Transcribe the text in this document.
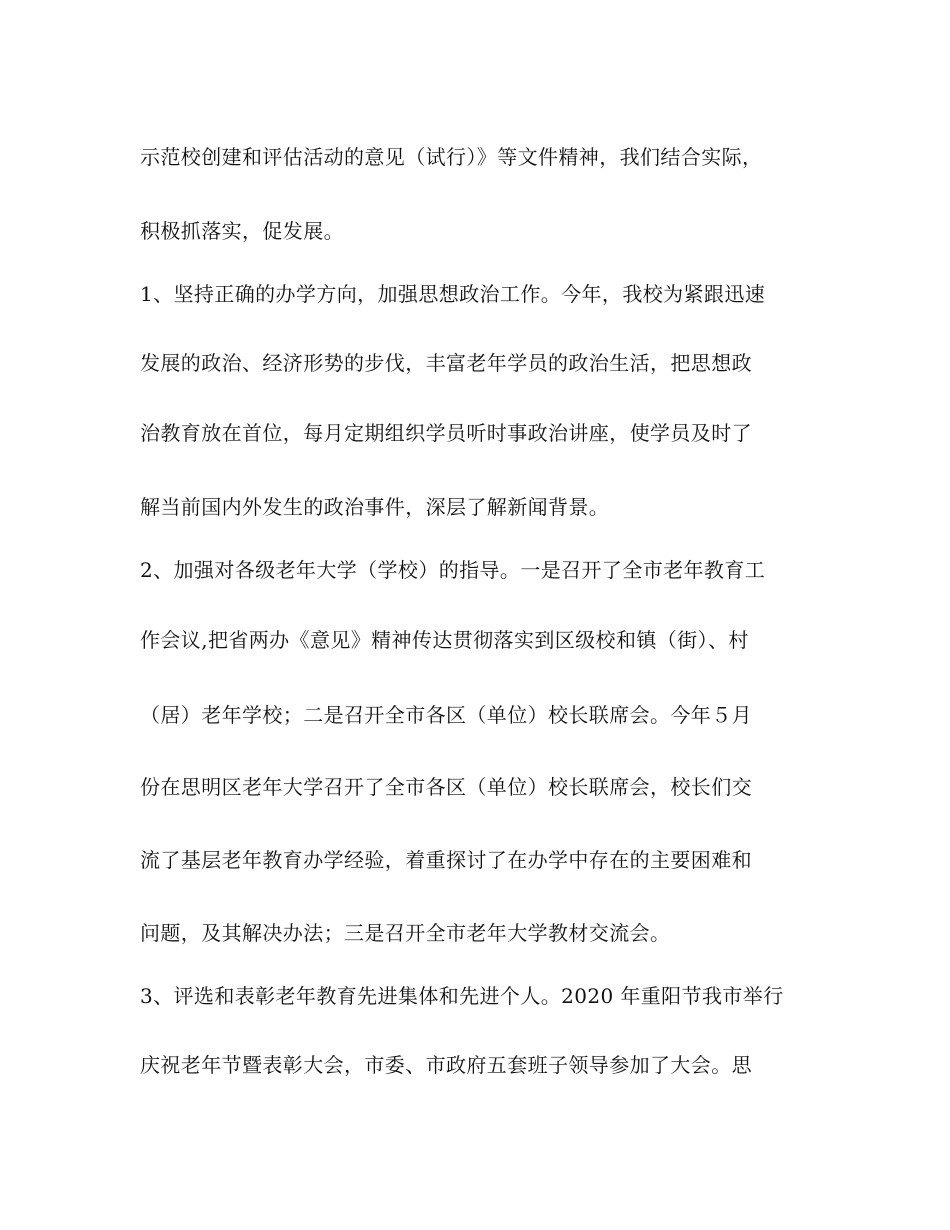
示范校创建和评估活动的意见（试行）》等文件精神，我们结合实际，
积极抓落实，促发展。
1、坚持正确的办学方向，加强思想政治工作。今年，我校为紧跟迅速
发展的政治、经济形势的步伐，丰富老年学员的政治生活，把思想政
治教育放在首位，每月定期组织学员听时事政治讲座，使学员及时了
解当前国内外发生的政治事件，深层了解新闻背景。
2、加强对各级老年大学（学校）的指导。一是召开了全市老年教育工
作会议,把省两办《意见》精神传达贯彻落实到区级校和镇（街）、村
（居）老年学校；二是召开全市各区（单位）校长联席会。今年５月
份在思明区老年大学召开了全市各区（单位）校长联席会，校长们交
流了基层老年教育办学经验，着重探讨了在办学中存在的主要困难和
问题，及其解决办法；三是召开全市老年大学教材交流会。
3、评选和表彰老年教育先进集体和先进个人。2020 年重阳节我市举行
庆祝老年节暨表彰大会，市委、市政府五套班子领导参加了大会。思
